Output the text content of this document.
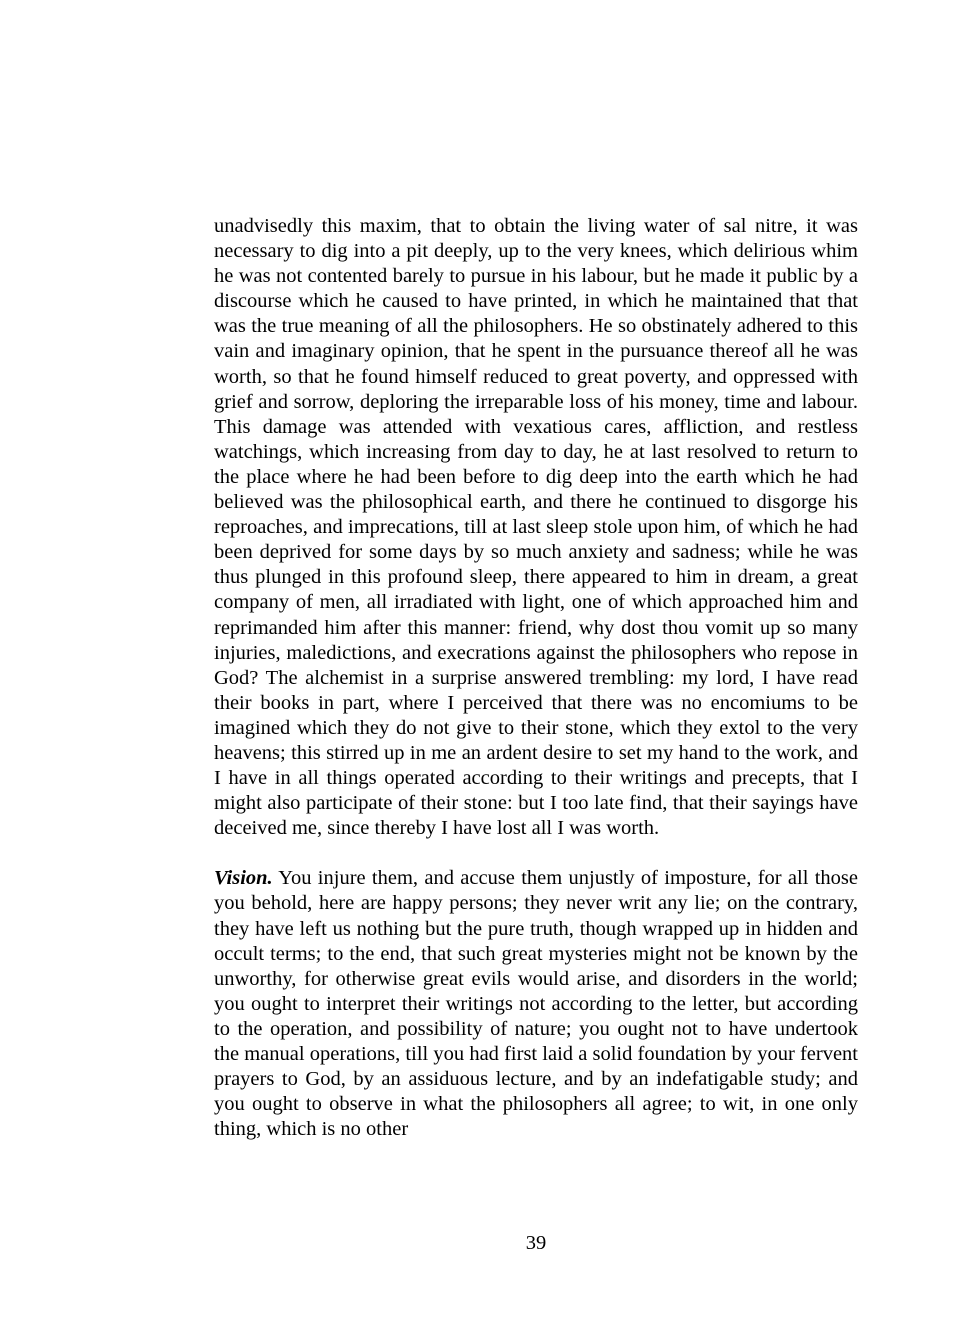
unadvisedly this maxim, that to obtain the living water of sal nitre, it was necessary to dig into a pit deeply, up to the very knees, which delirious whim he was not contented barely to pursue in his labour, but he made it public by a discourse which he caused to have printed, in which he maintained that that was the true meaning of all the philosophers. He so obstinately adhered to this vain and imaginary opinion, that he spent in the pursuance thereof all he was worth, so that he found himself reduced to great poverty, and oppressed with grief and sorrow, deploring the irreparable loss of his money, time and labour. This damage was attended with vexatious cares, affliction, and restless watchings, which increasing from day to day, he at last resolved to return to the place where he had been before to dig deep into the earth which he had believed was the philosophical earth, and there he continued to disgorge his reproaches, and imprecations, till at last sleep stole upon him, of which he had been deprived for some days by so much anxiety and sadness; while he was thus plunged in this profound sleep, there appeared to him in dream, a great company of men, all irradiated with light, one of which approached him and reprimanded him after this manner: friend, why dost thou vomit up so many injuries, maledictions, and execrations against the philosophers who repose in God? The alchemist in a surprise answered trembling: my lord, I have read their books in part, where I perceived that there was no encomiums to be imagined which they do not give to their stone, which they extol to the very heavens; this stirred up in me an ardent desire to set my hand to the work, and I have in all things operated according to their writings and precepts, that I might also participate of their stone: but I too late find, that their sayings have deceived me, since thereby I have lost all I was worth.

Vision. You injure them, and accuse them unjustly of imposture, for all those you behold, here are happy persons; they never writ any lie; on the contrary, they have left us nothing but the pure truth, though wrapped up in hidden and occult terms; to the end, that such great mysteries might not be known by the unworthy, for otherwise great evils would arise, and disorders in the world; you ought to interpret their writings not according to the letter, but according to the operation, and possibility of nature; you ought not to have undertook the manual operations, till you had first laid a solid foundation by your fervent prayers to God, by an assiduous lecture, and by an indefatigable study; and you ought to observe in what the philosophers all agree; to wit, in one only thing, which is no other

39
